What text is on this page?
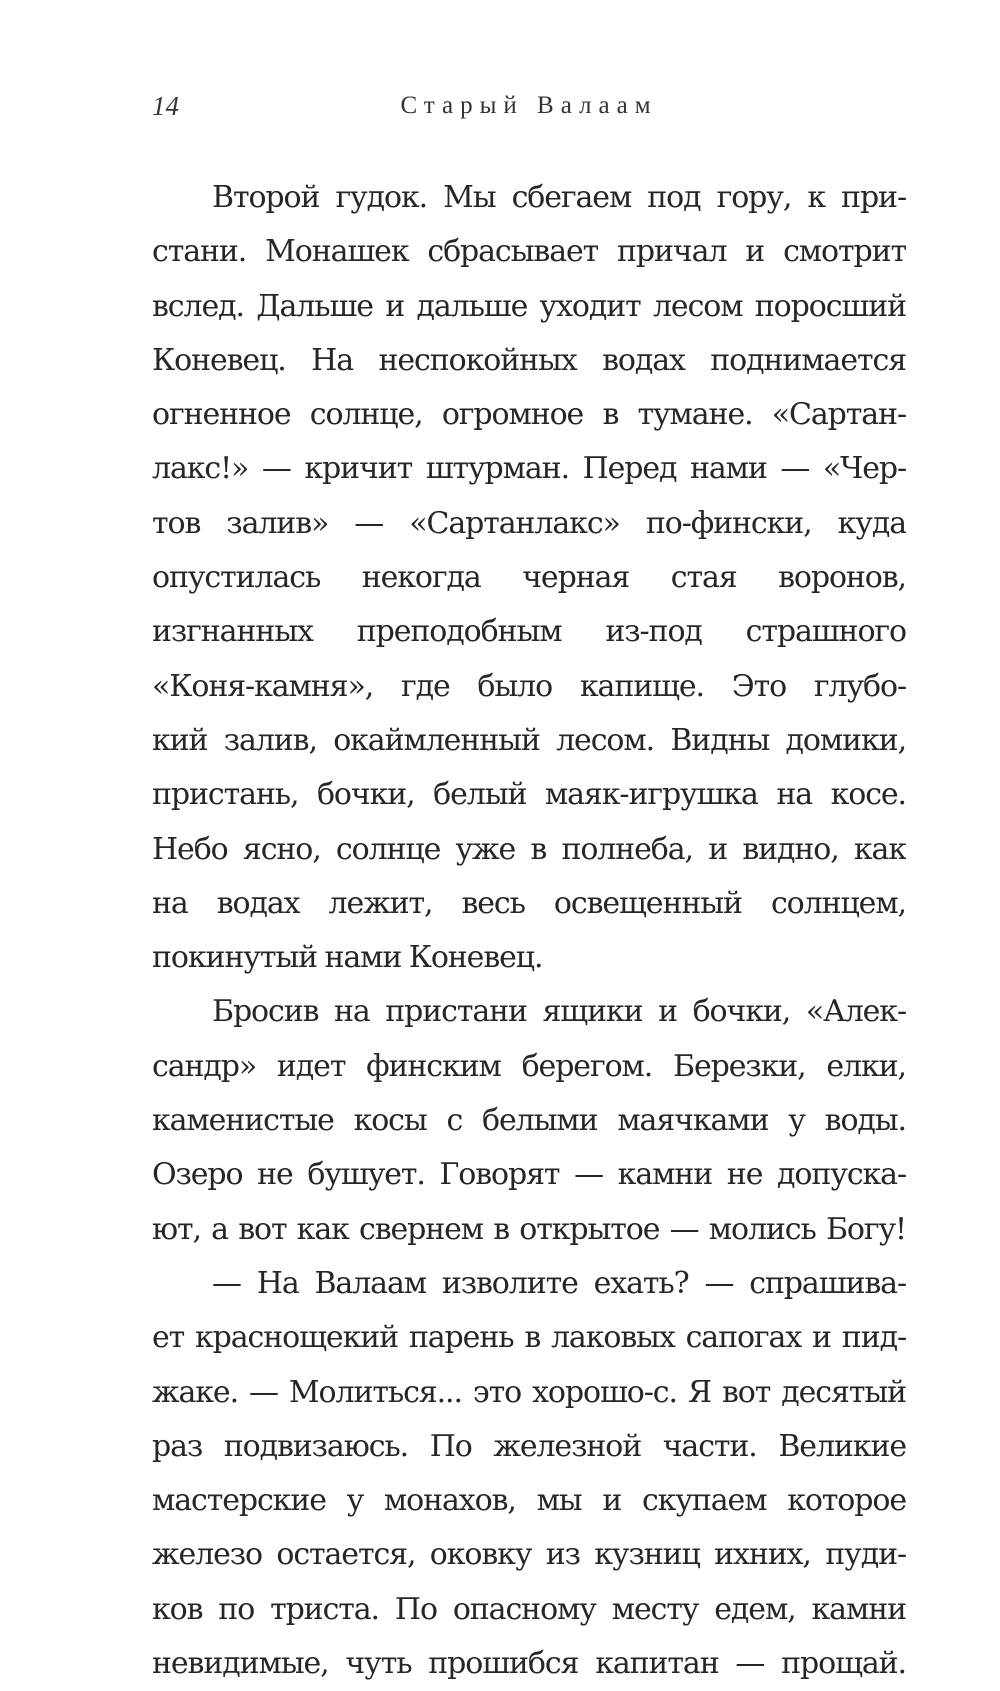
14	Старый Валаам
Второй гудок. Мы сбегаем под гору, к при-
стани. Монашек сбрасывает причал и смотрит
вслед. Дальше и дальше уходит лесом поросший
Коневец. На неспокойных водах поднимается
огненное солнце, огромное в тумане. «Сартан-
лакс!» — кричит штурман. Перед нами — «Чер-
тов залив» — «Сартанлакс» по-фински, куда
опустилась некогда черная стая воронов,
изгнанных преподобным из-под страшного
«Коня-камня», где было капище. Это глубо-
кий залив, окаймленный лесом. Видны домики,
пристань, бочки, белый маяк-игрушка на косе.
Небо ясно, солнце уже в полнеба, и видно, как
на водах лежит, весь освещенный солнцем,
покинутый нами Коневец.
Бросив на пристани ящики и бочки, «Алек-
сандр» идет финским берегом. Березки, елки,
каменистые косы с белыми маячками у воды.
Озеро не бушует. Говорят — камни не допуска-
ют, а вот как свернем в открытое — молись Богу!
— На Валаам изволите ехать? — спрашива-
ет краснощекий парень в лаковых сапогах и пид-
жаке. — Молиться... это хорошо-с. Я вот десятый
раз подвизаюсь. По железной части. Великие
мастерские у монахов, мы и скупаем которое
железо остается, оковку из кузниц ихних, пуди-
ков по триста. По опасному месту едем, камни
невидимые, чуть прошибся капитан — прощай.
